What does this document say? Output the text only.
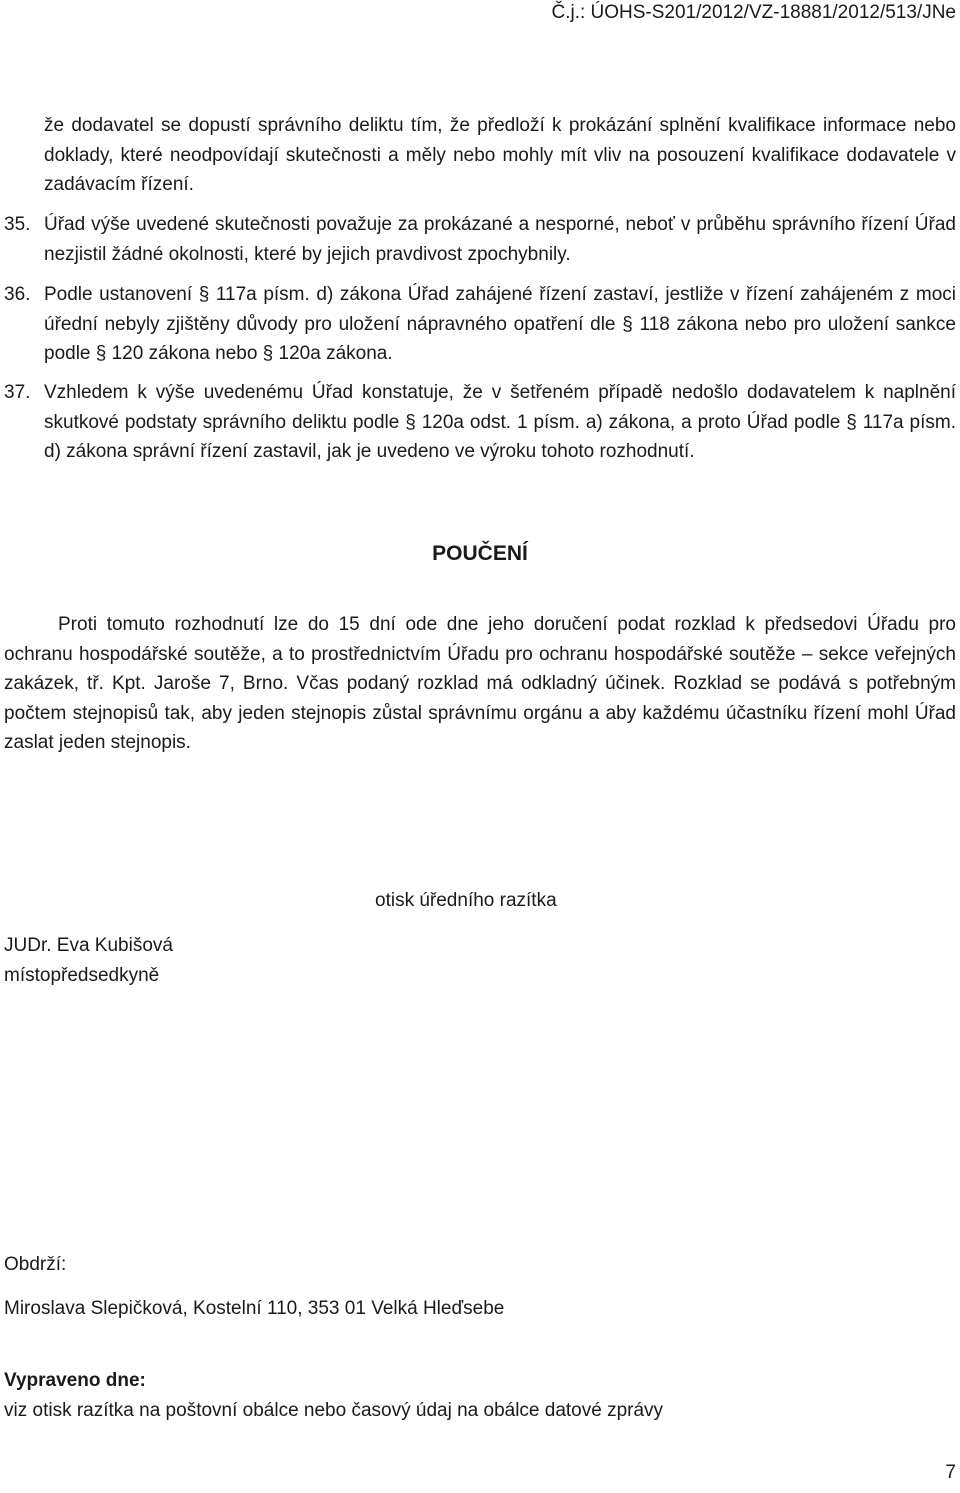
Č.j.: ÚOHS-S201/2012/VZ-18881/2012/513/JNe
že dodavatel se dopustí správního deliktu tím, že předloží k prokázání splnění kvalifikace informace nebo doklady, které neodpovídají skutečnosti a měly nebo mohly mít vliv na posouzení kvalifikace dodavatele v zadávacím řízení.
35. Úřad výše uvedené skutečnosti považuje za prokázané a nesporné, neboť v průběhu správního řízení Úřad nezjistil žádné okolnosti, které by jejich pravdivost zpochybnily.
36. Podle ustanovení § 117a písm. d) zákona Úřad zahájené řízení zastaví, jestliže v řízení zahájeném z moci úřední nebyly zjištěny důvody pro uložení nápravného opatření dle § 118 zákona nebo pro uložení sankce podle § 120 zákona nebo § 120a zákona.
37. Vzhledem k výše uvedenému Úřad konstatuje, že v šetřeném případě nedošlo dodavatelem k naplnění skutkové podstaty správního deliktu podle § 120a odst. 1 písm. a) zákona, a proto Úřad podle § 117a písm. d) zákona správní řízení zastavil, jak je uvedeno ve výroku tohoto rozhodnutí.
POUČENÍ
Proti tomuto rozhodnutí lze do 15 dní ode dne jeho doručení podat rozklad k předsedovi Úřadu pro ochranu hospodářské soutěže, a to prostřednictvím Úřadu pro ochranu hospodářské soutěže – sekce veřejných zakázek, tř. Kpt. Jaroše 7, Brno. Včas podaný rozklad má odkladný účinek. Rozklad se podává s potřebným počtem stejnopisů tak, aby jeden stejnopis zůstal správnímu orgánu a aby každému účastníku řízení mohl Úřad zaslat jeden stejnopis.
otisk úředního razítka
JUDr. Eva Kubišová
místopředsedkyně
Obdrží:
Miroslava Slepičková, Kostelní 110, 353 01 Velká Hleďsebe
Vypraveno dne:
viz otisk razítka na poštovní obálce nebo časový údaj na obálce datové zprávy
7
